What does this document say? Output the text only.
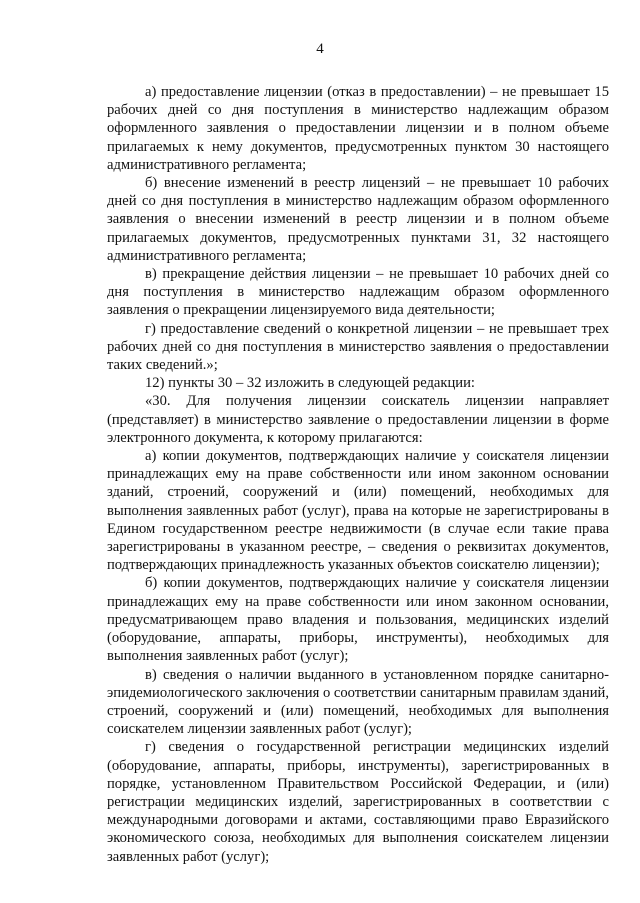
4

а) предоставление лицензии (отказ в предоставлении) – не превышает 15 рабочих дней со дня поступления в министерство надлежащим образом оформленного заявления о предоставлении лицензии и в полном объеме прилагаемых к нему документов, предусмотренных пунктом 30 настоящего административного регламента;

б) внесение изменений в реестр лицензий – не превышает 10 рабочих дней со дня поступления в министерство надлежащим образом оформленного заявления о внесении изменений в реестр лицензии и в полном объеме прилагаемых документов, предусмотренных пунктами 31, 32 настоящего административного регламента;

в) прекращение действия лицензии – не превышает 10 рабочих дней со дня поступления в министерство надлежащим образом оформленного заявления о прекращении лицензируемого вида деятельности;

г) предоставление сведений о конкретной лицензии – не превышает трех рабочих дней со дня поступления в министерство заявления о предоставлении таких сведений.»;

12) пункты 30 – 32 изложить в следующей редакции:

«30. Для получения лицензии соискатель лицензии направляет (представляет) в министерство заявление о предоставлении лицензии в форме электронного документа, к которому прилагаются:

а) копии документов, подтверждающих наличие у соискателя лицензии принадлежащих ему на праве собственности или ином законном основании зданий, строений, сооружений и (или) помещений, необходимых для выполнения заявленных работ (услуг), права на которые не зарегистрированы в Едином государственном реестре недвижимости (в случае если такие права зарегистрированы в указанном реестре, – сведения о реквизитах документов, подтверждающих принадлежность указанных объектов соискателю лицензии);

б) копии документов, подтверждающих наличие у соискателя лицензии принадлежащих ему на праве собственности или ином законном основании, предусматривающем право владения и пользования, медицинских изделий (оборудование, аппараты, приборы, инструменты), необходимых для выполнения заявленных работ (услуг);

в) сведения о наличии выданного в установленном порядке санитарно-эпидемиологического заключения о соответствии санитарным правилам зданий, строений, сооружений и (или) помещений, необходимых для выполнения соискателем лицензии заявленных работ (услуг);

г) сведения о государственной регистрации медицинских изделий (оборудование, аппараты, приборы, инструменты), зарегистрированных в порядке, установленном Правительством Российской Федерации, и (или) регистрации медицинских изделий, зарегистрированных в соответствии с международными договорами и актами, составляющими право Евразийского экономического союза, необходимых для выполнения соискателем лицензии заявленных работ (услуг);
